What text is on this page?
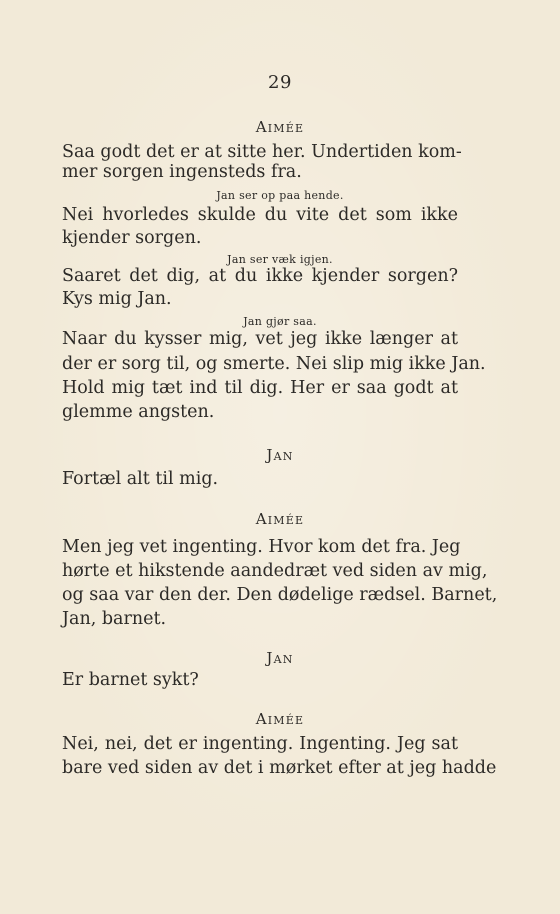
29
Aimée
Saa godt det er at sitte her. Undertiden kom-
mer sorgen ingensteds fra.
Jan ser op paa hende.
Nei hvorledes skulde du vite det som ikke
kjender sorgen.
Jan ser væk igjen.
Saaret det dig, at du ikke kjender sorgen?
Kys mig Jan.
Jan gjør saa.
Naar du kysser mig, vet jeg ikke længer at
der er sorg til, og smerte. Nei slip mig ikke Jan.
Hold mig tæt ind til dig. Her er saa godt at
glemme angsten.
Jan
Fortæl alt til mig.
Aimée
Men jeg vet ingenting. Hvor kom det fra. Jeg
hørte et hikstende aandedræt ved siden av mig,
og saa var den der. Den dødelige rædsel. Barnet,
Jan, barnet.
Jan
Er barnet sykt?
Aimée
Nei, nei, det er ingenting. Ingenting. Jeg sat
bare ved siden av det i mørket efter at jeg hadde
